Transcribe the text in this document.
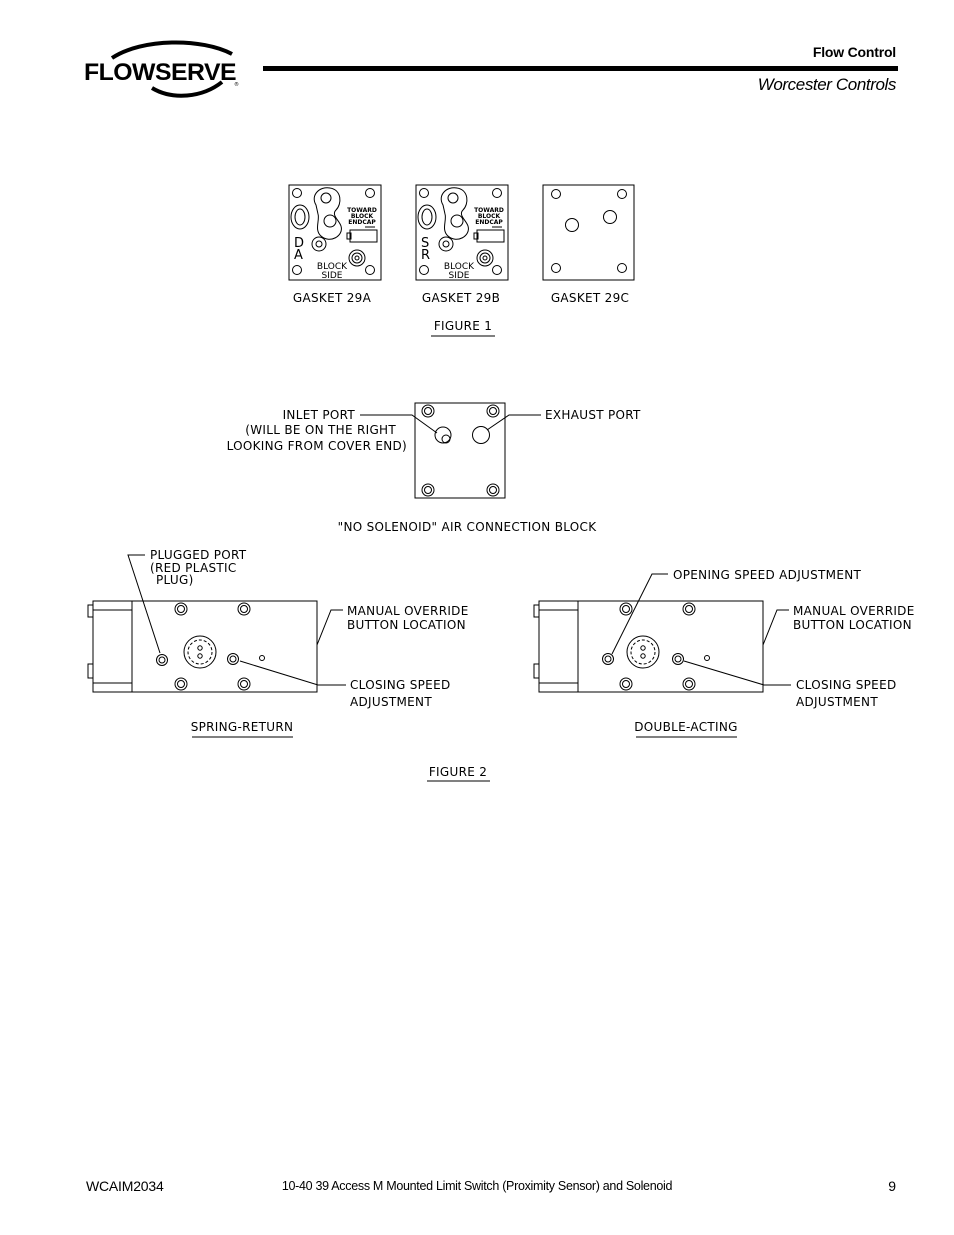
FLOWSERVE
®
Flow Control
Worcester Controls
TOWARD
BLOCK
ENDCAP
D
A
BLOCK
SIDE
GASKET 29A
TOWARD
BLOCK
ENDCAP
S
R
BLOCK
SIDE
GASKET 29B	GASKET 29C
FIGURE 1
INLET PORT
(WILL BE ON THE RIGHT
LOOKING FROM COVER END)
EXHAUST PORT
"NO SOLENOID" AIR CONNECTION BLOCK
PLUGGED PORT
(RED PLASTIC
PLUG)
MANUAL OVERRIDE
BUTTON LOCATION
CLOSING SPEED
ADJUSTMENT
SPRING-RETURN
OPENING SPEED ADJUSTMENT
MANUAL OVERRIDE
BUTTON LOCATION
CLOSING SPEED
ADJUSTMENT
DOUBLE-ACTING
FIGURE 2
WCAIM2034	10-40 39 Access M Mounted Limit Switch (Proximity Sensor) and Solenoid	9
